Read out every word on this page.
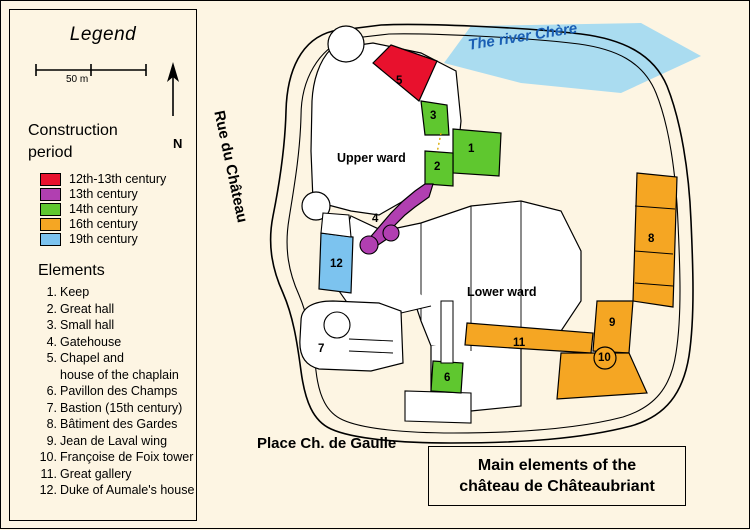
The river Chère
Rue du Château
Place Ch. de Gaulle
Upper ward
Lower ward
1
2
3
4
5
6
7
8
9
10
11
12
Legend
50 m
N
Construction
period
12th-13th century
13th century
14th century
16th century
19th century
Elements
1. Keep
2. Great hall
3. Small hall
4. Gatehouse
5. Chapel and
house of the chaplain
6. Pavillon des Champs
7. Bastion (15th century)
8. Bâtiment des Gardes
9. Jean de Laval wing
10. Françoise de Foix tower
11. Great gallery
12. Duke of Aumale's house
Main elements of the
château de Châteaubriant
